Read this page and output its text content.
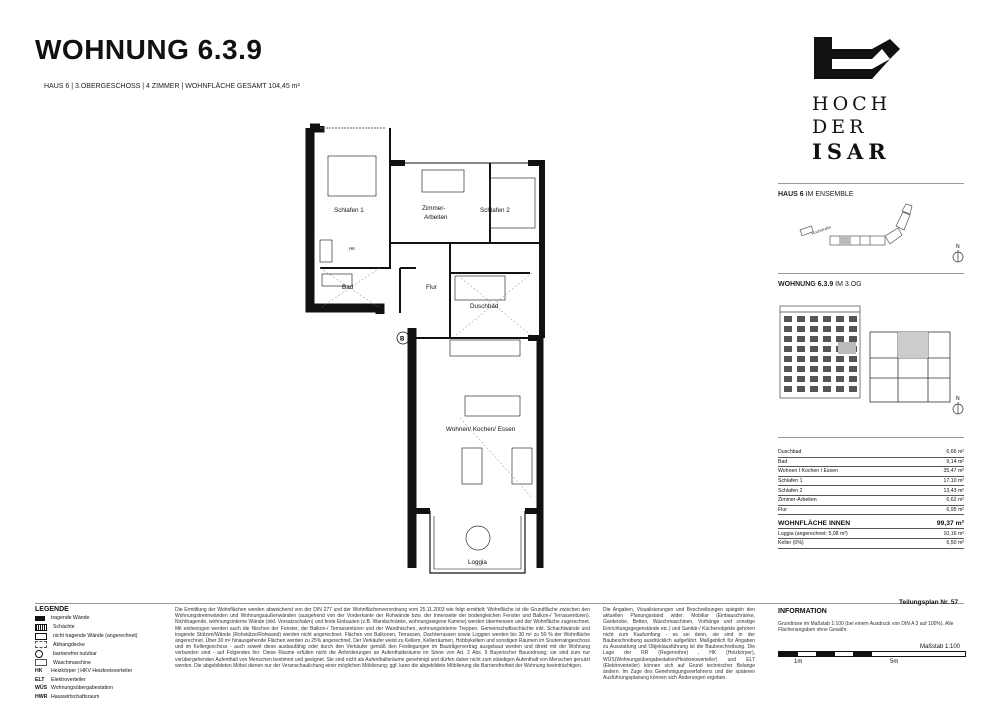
WOHNUNG 6.3.9
HAUS 6 | 3.OBERGESCHOSS | 4 ZIMMER | WOHNFLÄCHE GESAMT 104,45 m²
HOCH
DER
ISAR
HAUS 6 IM ENSEMBLE
Hochstraße
N
WOHNUNG 6.3.9 IM 3.OG
N
Duschbad	6,66 m²
Bad	9,14 m²
Wohnen I Kochen I Essen	35,47 m²
Schlafen 1	17,10 m²
Schlafen 2	13,43 m²
Zimmer-Arbeiten	6,62 m²
Flur	6,95 m²
WOHNFLÄCHE INNEN	99,37 m²
Loggia (angerechnet: 5,08 m²)	10,16 m²
Keller (0%)	6,50 m²
Schlafen 1	Zimmer-
Arbeiten
Schlafen 2
Bad	Flur
Duschbad
Wohnen/ Kochen/ Essen
Loggia
HK
B
LEGENDE
tragende Wände
Schächte
nicht tragende Wände (angerechnet)
Abhangdecke
barrierefrei nutzbar
Waschmaschine
HK	Heizkörper | HKV Heizkreisverteiler
ELT	Elektroverteiler
WÜS Wohnungsübergabestation
HWR Hauswirtschaftsraum
Die Ermittlung der Wohnflächen werden abweichend von der DIN 277 und der Wohnflächenverordnung vom 25.11.2003 wie folgt ermittelt: Wohnfläche ist die Grundfläche zwischen den Wohnungstrennwänden und Wohnungsaußenwänden (ausgehend von der Vorderkante der Rohwände bzw. der Innenseite der bodengleichen Fenster und Balkon-/ Terrassentüren). Nichttragende, wohnungsinterne Wände (inkl. Vorsatzschalen) und feste Einbauten (z.B. Wandschränke, wohnungseigene Kamine) werden übermessen und der Wohnfläche zugerechnet. Mit einbezogen werden auch die Nischen der Fenster, der Balkon-/ Terrassentüren und der Wandnischen, wohnungsinterne Treppen. Gemeinschaftsschächte inkl. Schachtwände und tragende Stützen/Wände (Rohstütze/Rohwand) werden nicht angerechnet. Flächen von Balkonen, Terrassen, Dachterrassen sowie Loggien werden bis 30 m² zu 50 % der Wohnfläche angerechnet. Über 30 m² hinausgehende Flächen werden zu 25% angerechnet. Der Verkäufer weist zu Kellern, Kellerräumen, Hobbykellern und sonstigen Räumen im Souterraingeschoss und im Kellergeschoss - auch soweit diese ausbaufähig oder durch den Verkäufer gemäß den Festlegungen im Bautrågervertrag ausgebaut werden und direkt mit der Wohnung verbunden sind - auf Folgendes hin: Diese Räume erfüllen nicht die Anforderungen an Aufenthaltsräume im Sinne von Art. 2 Abs. 5 Bayerischer Bauordnung; sie sind zum nur vorübergehenden Aufenthalt von Menschen bestimmt und geeignet. Sie sind nicht als Aufenthaltsräume genehmigt und dürfen daher nicht zum ständigen Aufenthalt von Menschen genutzt werden. Die abgebildeten Möbel dienen nur der Veranschaulichung einer möglichen Möblierung; ggf. kann die abgebildete Möblierung die Barrierefreiheit der Wohnung beeinträchtigen.
Die Angaben, Visualisierungen und Beschreibungen spiegeln den aktuellen Planungsstand wider. Mobiliar (Einbauschränke, Garderobe, Betten, Waschmaschinen, Vorhänge und sonstige Einrichtungsgegenstände etc.) und Sanitär-/ Küchenobjekte gehören nicht zum Kaufumfang - es sei denn, sie sind in der Baubeschreibung ausdrücklich aufgeführt. Maßgeblich für Angaben zu Ausstattung und Objektausführung ist die Baubeschreibung. Die Lage der RR (Regenrohre) , HK (Heizkörper), WÜS(Wohnungsübergabestation/Heizkreisverteiler) und ELT (Elektroverteiler) können sich auf Grund technischer Belange ändern. Im Zuge des Genehmigungsverfahrens und der späteren Ausführungsplanung können sich Änderungen ergeben.
Teilungsplan Nr. 57
INFORMATION
Grundrisse im Maßstab 1:100 (bei einem Ausdruck von DIN A 3 auf 100%). Alle Flächenangaben ohne Gewähr.
Maßstab 1:100
1m	5m
